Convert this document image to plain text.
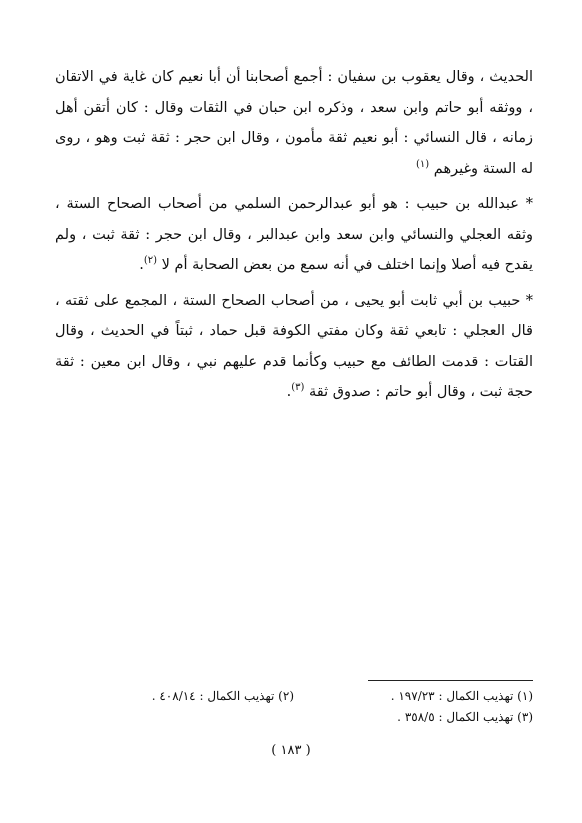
الحديث ، وقال يعقوب بن سفيان : أجمع أصحابنا أن أبا نعيم كان غاية في الاتقان ، ووثقه أبو حاتم وابن سعد ، وذكره ابن حبان في الثقات وقال : كان أتقن أهل زمانه ، قال النسائي : أبو نعيم ثقة مأمون ، وقال ابن حجر : ثقة ثبت وهو ، روى له الستة وغيرهم $^{(١)}$

* عبدالله بن حبيب : هو أبو عبدالرحمن السلمي من أصحاب الصحاح الستة ، وثقه العجلي والنسائي وابن سعد وابن عبدالبر ، وقال ابن حجر : ثقة ثبت ، ولم يقدح فيه أصلا وإنما اختلف في أنه سمع من بعض الصحابة أم لا $^{(٢)}$.

* حبيب بن أبي ثابت أبو يحيى ، من أصحاب الصحاح الستة ، المجمع على ثقته ، قال العجلي : تابعي ثقة وكان مفتي الكوفة قبل حماد ، ثبتاً في الحديث ، وقال القتات : قدمت الطائف مع حبيب وكأنما قدم عليهم نبي ، وقال ابن معين : ثقة حجة ثبت ، وقال أبو حاتم : صدوق ثقة $^{(٣)}$.

(١) تهذيب الكمال : ١٩٧/٢٣ .
(٢) تهذيب الكمال : ٤٠٨/١٤ .
(٣) تهذيب الكمال : ٣٥٨/٥ .
( ١٨٣ )
